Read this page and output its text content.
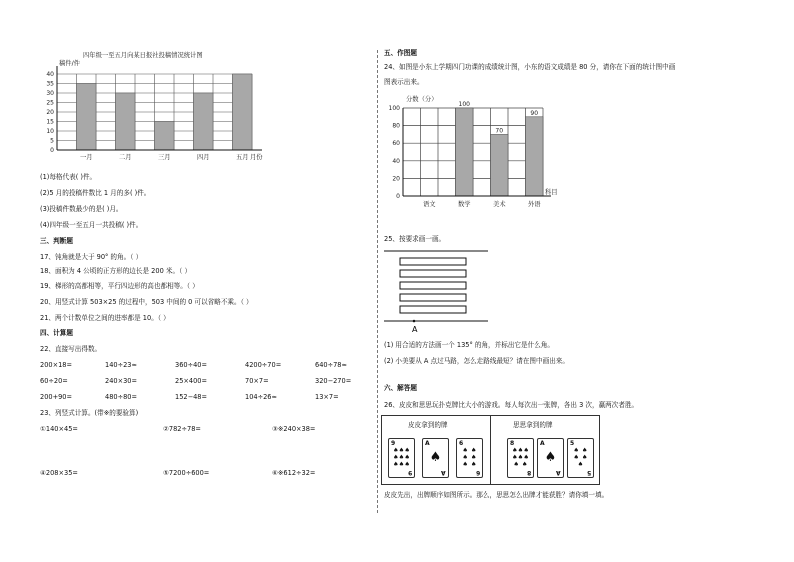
四年级一至五月向某日报社投稿情况统计图
稿件/件
0
5
10
15
20
25
30
35
40
一月	二月	三月	四月	五月 月份
(1)每格代表( )件。
(2)5 月的投稿件数比 1 月的多( )件。
(3)投稿件数最少的是( )月。
(4)四年级一至五月一共投稿( )件。
三、判断题
17、钝角就是大于 90° 的角。（ ）
18、面积为 4 公顷的正方形的边长是 200 米。（ ）
19、梯形的高都相等，平行四边形的高也都相等。（ ）
20、用竖式计算 503×25 的过程中，503 中间的 0 可以省略不乘。（ ）
21、两个计数单位之间的进率都是 10。（ ）
四、计算题
22、直接写出得数。
200×18=	140÷23≈	360÷40=	4200÷70=	640÷78≈
60÷20=	240×30=	25×400=	70×7=	320−270=
200+90=	480÷80=	152−48=	104÷26≈	13×7=
23、列竖式计算。(带※的要验算)
①140×45=	②782÷78=	③※240×38=
④208×35=	⑤7200÷600=	⑥※612÷32=
五、作图题
24、如图是小东上学期四门功课的成绩统计图，小东的语文成绩是 80 分，请你在下面的统计图中画
图表示出来。
分数（分）
0
20
40
60
80
100
100
70
90
语文	数学	美术	外语
科目
25、按要求画一画。
A
(1) 用合适的方法画一个 135° 的角，并标出它是什么角。
(2) 小美要从 A 点过马路，怎么走路线最短？请在图中画出来。
六、解答题
26、皮皮和思思玩扑克牌比大小的游戏。每人每次出一张牌，各出 3 次，赢两次者胜。
皮皮拿到的牌
9
9
♠ ♠ ♠
♠ ♠ ♠
♠ ♠ ♠
A
A
♠
6
6
♠ ♠
♠ ♠
♠ ♠
思思拿到的牌
8
8
♠ ♠ ♠
♠ ♠ ♠
♠ ♠
A
A
♠
5
5
♠ ♠
♠ ♠
♠
皮皮先出，出牌顺序如图所示。那么，思思怎么出牌才能获胜？请你填一填。
